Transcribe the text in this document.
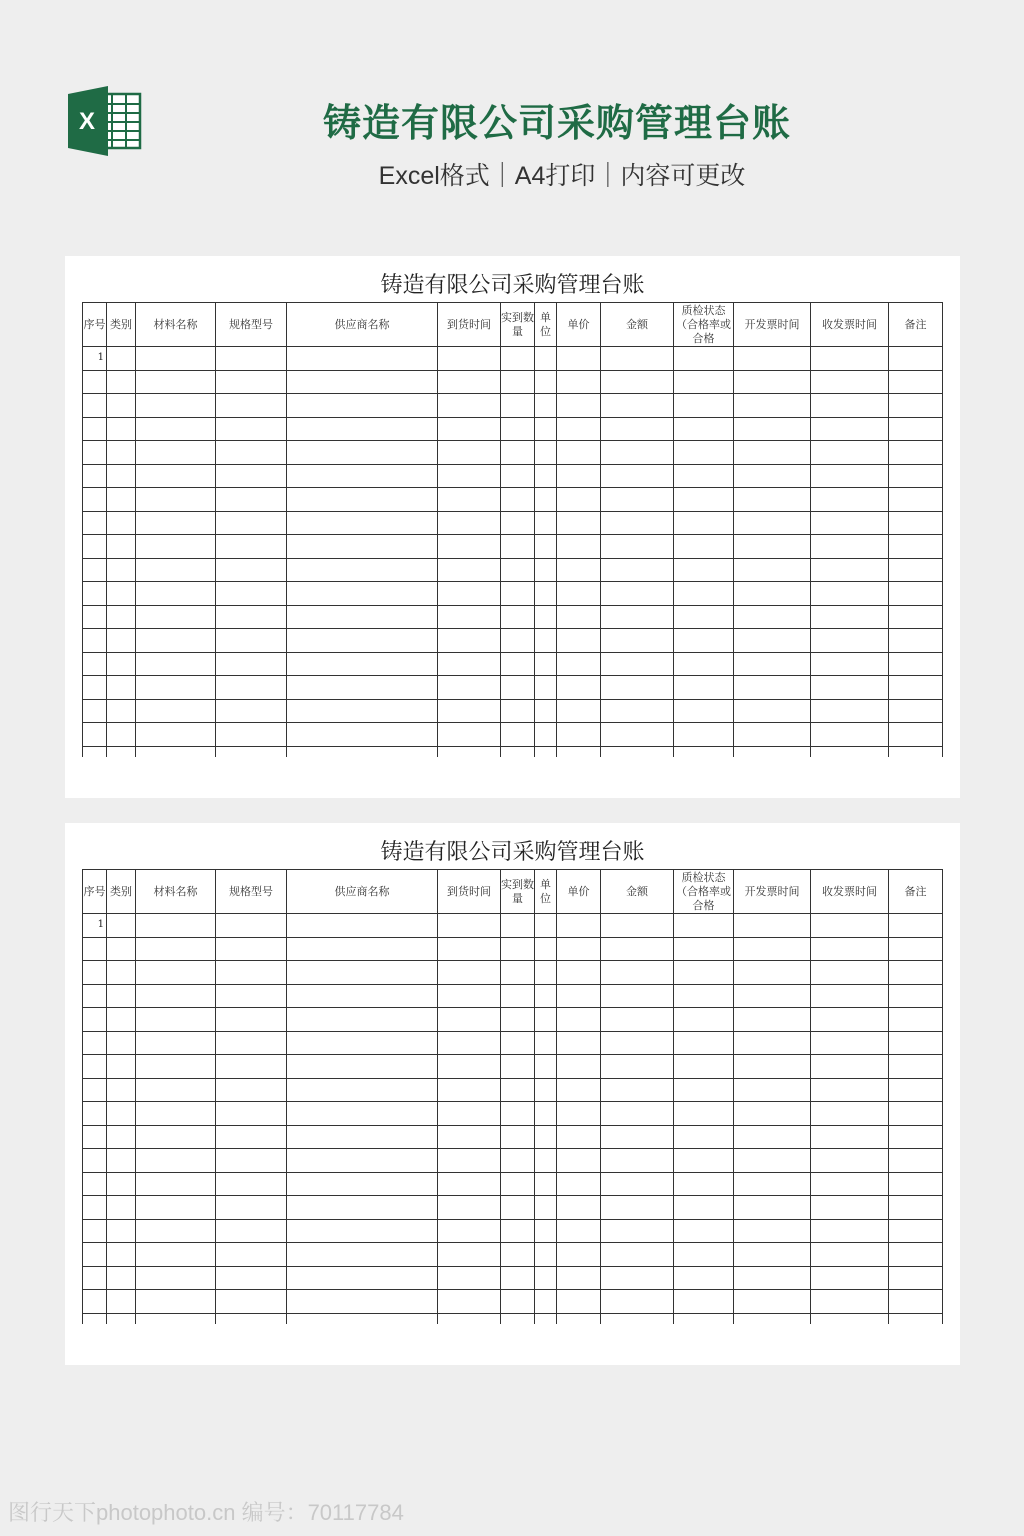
X	铸造有限公司采购管理台账
Excel格式｜A4打印｜内容可更改
铸造有限公司采购管理台账
序号	类别	材料名称	规格型号	供应商名称	到货时间	实到数量	单位	单价	金额	质检状态（合格率或合格	开发票时间	收发票时间	备注
1													

铸造有限公司采购管理台账
序号	类别	材料名称	规格型号	供应商名称	到货时间	实到数量	单位	单价	金额	质检状态（合格率或合格	开发票时间	收发票时间	备注
1													

图行天下photophoto.cn 编号：70117784
